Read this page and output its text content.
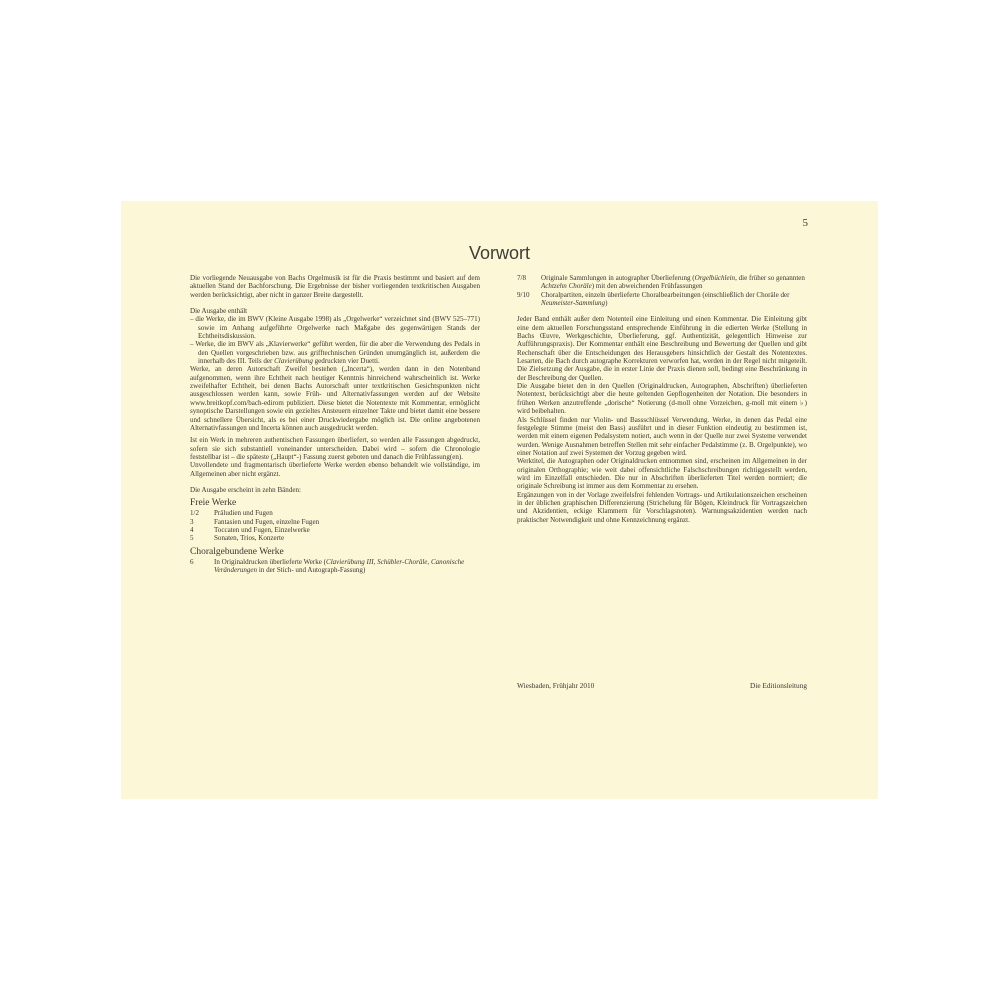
5
Vorwort

Die vorliegende Neuausgabe von Bachs Orgelmusik ist für die Praxis bestimmt und basiert auf dem aktuellen Stand der Bachforschung. Die Ergebnisse der bisher vorliegenden textkritischen Ausgaben werden berücksichtigt, aber nicht in ganzer Breite dargestellt.

Die Ausgabe enthält

– die Werke, die im BWV (Kleine Ausgabe 1998) als „Orgelwerke“ verzeichnet sind (BWV 525–771) sowie im Anhang aufgeführte Orgelwerke nach Maßgabe des gegenwärtigen Stands der Echtheitsdiskussion.

– Werke, die im BWV als „Klavierwerke“ geführt werden, für die aber die Verwendung des Pedals in den Quellen vorgeschrieben bzw. aus grifftechnischen Gründen unumgänglich ist, außerdem die innerhalb des III. Teils der Clavierübung gedruckten vier Duetti.

Werke, an deren Autorschaft Zweifel bestehen („Incerta“), werden dann in den Notenband aufgenommen, wenn ihre Echtheit nach heutiger Kenntnis hinreichend wahrscheinlich ist. Werke zweifelhafter Echtheit, bei denen Bachs Autorschaft unter textkritischen Gesichtspunkten nicht ausgeschlossen werden kann, sowie Früh- und Alternativfassungen werden auf der Website www.breitkopf.com/bach-edirom publiziert. Diese bietet die Notentexte mit Kommentar, ermöglicht synoptische Darstellungen sowie ein gezieltes Ansteuern einzelner Takte und bietet damit eine bessere und schnellere Übersicht, als es bei einer Druckwiedergabe möglich ist. Die online angebotenen Alternativfassungen und Incerta können auch ausgedruckt werden.

Ist ein Werk in mehreren authentischen Fassungen überliefert, so werden alle Fassungen abgedruckt, sofern sie sich substantiell voneinander unterscheiden. Dabei wird – sofern die Chronologie feststellbar ist – die spätestе („Haupt“-) Fassung zuerst geboten und danach die Frühfassung(en).

Unvollendete und fragmentarisch überlieferte Werke werden ebenso behandelt wie vollständige, im Allgemeinen aber nicht ergänzt.

Die Ausgabe erscheint in zehn Bänden:

Freie Werke
1/2	Präludien und Fugen
3	Fantasien und Fugen, einzelne Fugen
4	Toccaten und Fugen, Einzelwerke
5	Sonaten, Trios, Konzerte
Choralgebundene Werke
6	In Originaldrucken überlieferte Werke (Clavierübung III, Schübler-Choräle, Canonische Veränderungen in der Stich- und Autograph-Fassung)
7/8	Originale Sammlungen in autographer Überlieferung (Orgelbüchlein, die früher so genannten Achtzehn Choräle) mit den abweichenden Frühfassungen
9/10	Choralpartiten, einzeln überlieferte Choralbearbeitungen (einschließlich der Choräle der Neumeister-Sammlung)

Jeder Band enthält außer dem Notenteil eine Einleitung und einen Kommentar. Die Einleitung gibt eine dem aktuellen Forschungsstand entsprechende Einführung in die edierten Werke (Stellung in Bachs Œuvre, Werkgeschichte, Überlieferung, ggf. Authentizität, gelegentlich Hinweise zur Aufführungspraxis). Der Kommentar enthält eine Beschreibung und Bewertung der Quellen und gibt Rechenschaft über die Entscheidungen des Herausgebers hinsichtlich der Gestalt des Notentextes. Lesarten, die Bach durch autographe Korrekturen verworfen hat, werden in der Regel nicht mitgeteilt. Die Zielsetzung der Ausgabe, die in erster Linie der Praxis dienen soll, bedingt eine Beschränkung in der Beschreibung der Quellen.

Die Ausgabe bietet den in den Quellen (Originaldrucken, Autographen, Abschriften) überlieferten Notentext, berücksichtigt aber die heute geltenden Gepflogenheiten der Notation. Die besonders in frühen Werken anzutreffende „dorische“ Notierung (d-moll ohne Vorzeichen, g-moll mit einem ♭) wird beibehalten.

Als Schlüssel finden nur Violin- und Bassschlüssel Verwendung. Werke, in denen das Pedal eine festgelegte Stimme (meist den Bass) ausführt und in dieser Funktion eindeutig zu bestimmen ist, werden mit einem eigenen Pedalsystem notiert, auch wenn in der Quelle nur zwei Systeme verwendet wurden. Wenige Ausnahmen betreffen Stellen mit sehr einfacher Pedalstimme (z. B. Orgelpunkte), wo einer Notation auf zwei Systemen der Vorzug gegeben wird.

Werktitel, die Autographen oder Originaldrucken entnommen sind, erscheinen im Allgemeinen in der originalen Orthographie; wie weit dabei offensichtliche Falschschreibungen richtiggestellt werden, wird im Einzelfall entschieden. Die nur in Abschriften überlieferten Titel werden normiert; die originale Schreibung ist immer aus dem Kommentar zu ersehen.

Ergänzungen von in der Vorlage zweifelsfrei fehlenden Vortrags- und Artikulationszeichen erscheinen in der üblichen graphischen Differenzierung (Strichelung für Bögen, Kleindruck für Vortragszeichen und Akzidentien, eckige Klammern für Vorschlagsnoten). Warnungsakzidentien werden nach praktischer Notwendigkeit und ohne Kennzeichnung ergänzt.

Wiesbaden, Frühjahr 2010	Die Editionsleitung
